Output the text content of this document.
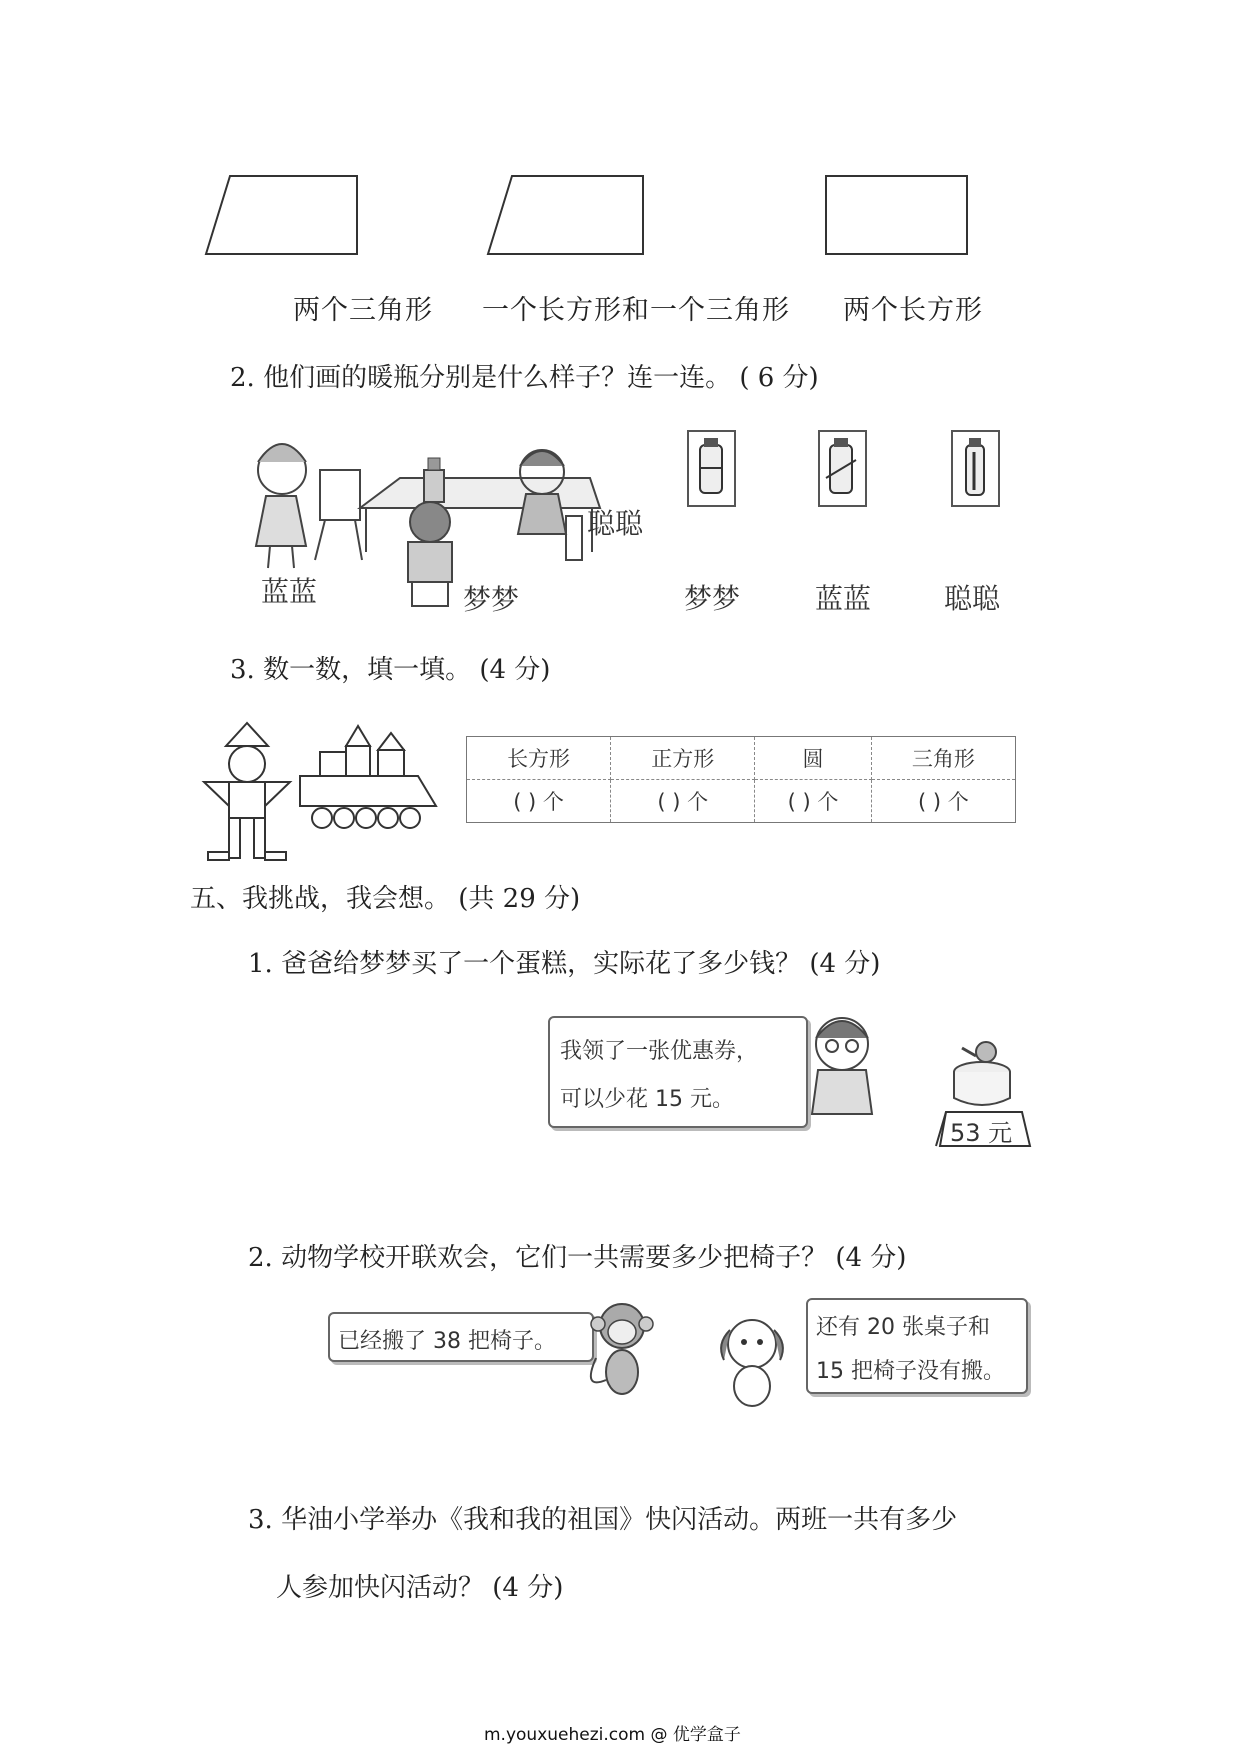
两个三角形 一个长方形和一个三角形 两个长方形
2. 他们画的暖瓶分别是什么样子？连一连。 ( 6 分)
蓝蓝	梦梦
聪聪
梦梦	蓝蓝	聪聪
3. 数一数，填一填。 (4 分)
长方形	正方形	圆	三角形
( ) 个	( ) 个	( ) 个	( ) 个
五、我挑战，我会想。 (共 29 分)
1. 爸爸给梦梦买了一个蛋糕，实际花了多少钱？ (4 分)
我领了一张优惠券，
可以少花 15 元。
53 元
2. 动物学校开联欢会，它们一共需要多少把椅子？ (4 分)
已经搬了 38 把椅子。
还有 20 张桌子和
15 把椅子没有搬。
3. 华油小学举办《我和我的祖国》快闪活动。两班一共有多少
人参加快闪活动？ (4 分)
m.youxuehezi.com @ 优学盒子
